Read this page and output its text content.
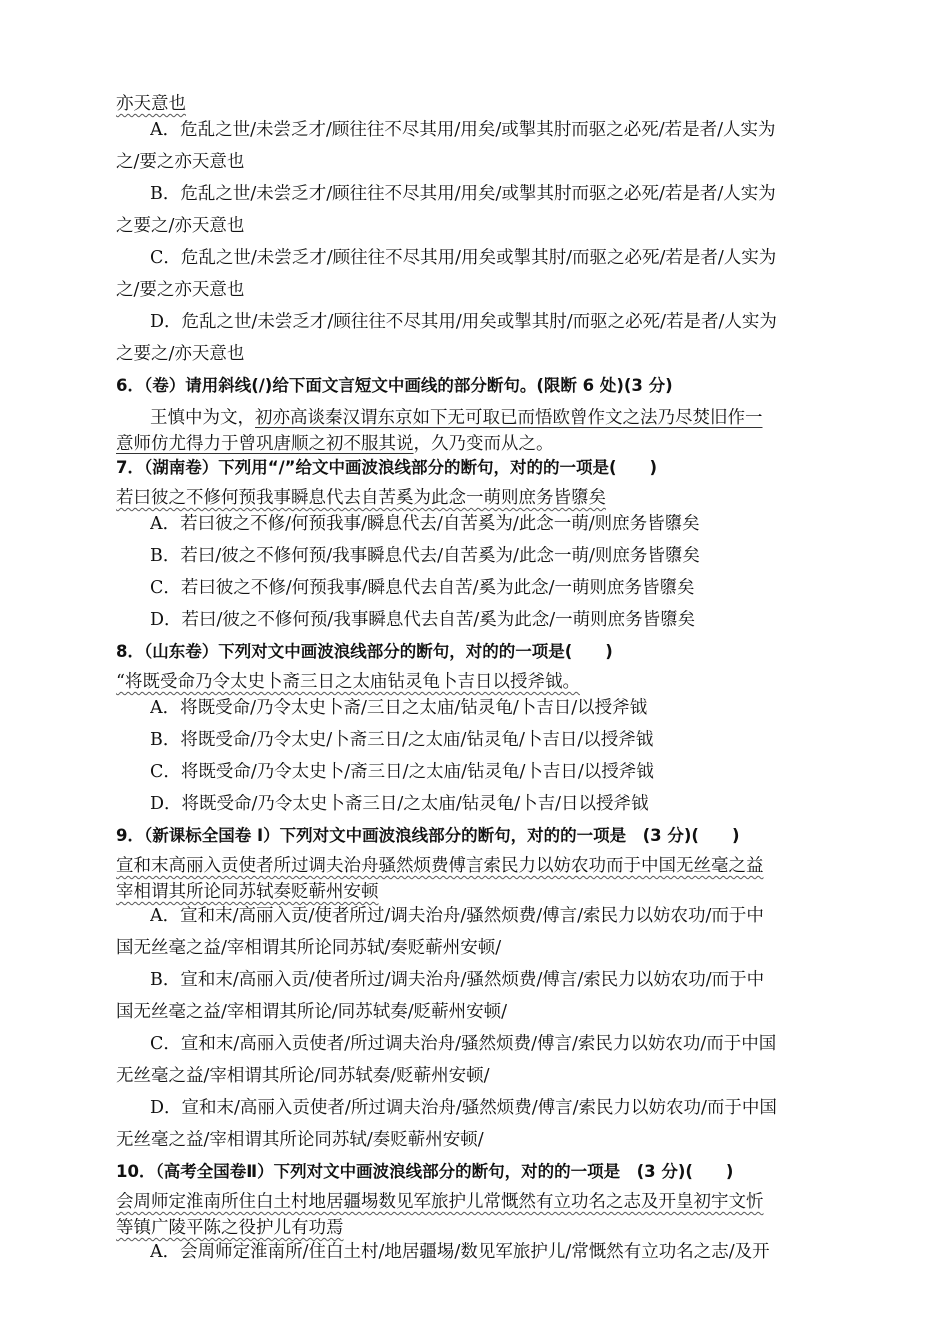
亦天意也
A．危乱之世/未尝乏才/顾往往不尽其用/用矣/或掣其肘而驱之必死/若是者/人实为
之/要之亦天意也
B．危乱之世/未尝乏才/顾往往不尽其用/用矣/或掣其肘而驱之必死/若是者/人实为
之要之/亦天意也
C．危乱之世/未尝乏才/顾往往不尽其用/用矣或掣其肘/而驱之必死/若是者/人实为
之/要之亦天意也
D．危乱之世/未尝乏才/顾往往不尽其用/用矣或掣其肘/而驱之必死/若是者/人实为
之要之/亦天意也
6．（卷）请用斜线(/)给下面文言短文中画线的部分断句。(限断 6 处)(3 分)
王慎中为文，初亦高谈秦汉谓东京如下无可取已而悟欧曾作文之法乃尽焚旧作一
意师仿尤得力于曾巩唐顺之初不服其说，久乃变而从之。
7．（湖南卷）下列用“/”给文中画波浪线部分的断句，对的的一项是(　　)
若曰彼之不修何预我事瞬息代去自苦奚为此念一萌则庶务皆隳矣
A．若曰彼之不修/何预我事/瞬息代去/自苦奚为/此念一萌/则庶务皆隳矣
B．若曰/彼之不修何预/我事瞬息代去/自苦奚为/此念一萌/则庶务皆隳矣
C．若曰彼之不修/何预我事/瞬息代去自苦/奚为此念/一萌则庶务皆隳矣
D．若曰/彼之不修何预/我事瞬息代去自苦/奚为此念/一萌则庶务皆隳矣
8．（山东卷）下列对文中画波浪线部分的断句，对的的一项是(　　)
“将既受命乃令太史卜斋三日之太庙钻灵龟卜吉日以授斧钺。
A．将既受命/乃令太史卜斋/三日之太庙/钻灵龟/卜吉日/以授斧钺
B．将既受命/乃令太史/卜斋三日/之太庙/钻灵龟/卜吉日/以授斧钺
C．将既受命/乃令太史卜/斋三日/之太庙/钻灵龟/卜吉日/以授斧钺
D．将既受命/乃令太史卜斋三日/之太庙/钻灵龟/卜吉/日以授斧钺
9．（新课标全国卷 I）下列对文中画波浪线部分的断句，对的的一项是　(3 分)(　　)
宣和末高丽入贡使者所过调夫治舟骚然烦费傅言索民力以妨农功而于中国无丝毫之益
宰相谓其所论同苏轼奏贬蕲州安顿
A．宣和末/高丽入贡/使者所过/调夫治舟/骚然烦费/傅言/索民力以妨农功/而于中
国无丝毫之益/宰相谓其所论同苏轼/奏贬蕲州安顿/
B．宣和末/高丽入贡/使者所过/调夫治舟/骚然烦费/傅言/索民力以妨农功/而于中
国无丝毫之益/宰相谓其所论/同苏轼奏/贬蕲州安顿/
C．宣和末/高丽入贡使者/所过调夫治舟/骚然烦费/傅言/索民力以妨农功/而于中国
无丝毫之益/宰相谓其所论/同苏轼奏/贬蕲州安顿/
D．宣和末/高丽入贡使者/所过调夫治舟/骚然烦费/傅言/索民力以妨农功/而于中国
无丝毫之益/宰相谓其所论同苏轼/奏贬蕲州安顿/
10．（高考全国卷Ⅱ）下列对文中画波浪线部分的断句，对的的一项是　(3 分)(　　)
会周师定淮南所住白土村地居疆埸数见军旅护儿常慨然有立功名之志及开皇初宇文忻
等镇广陵平陈之役护儿有功焉
A．会周师定淮南所/住白土村/地居疆埸/数见军旅护儿/常慨然有立功名之志/及开
